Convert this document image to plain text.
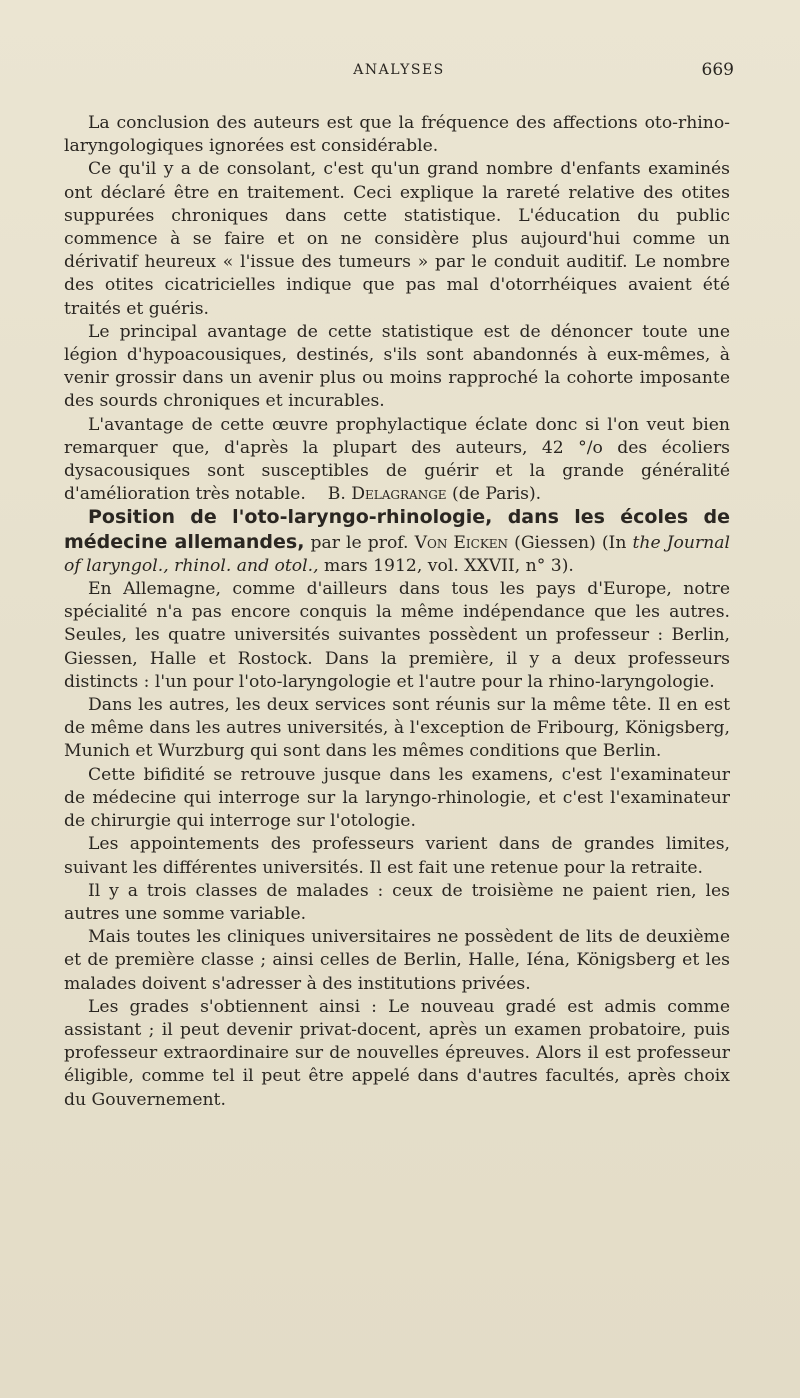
ANALYSES	669

La conclusion des auteurs est que la fréquence des affections oto-rhino-laryngologiques ignorées est considérable.

Ce qu'il y a de consolant, c'est qu'un grand nombre d'enfants examinés ont déclaré être en traitement. Ceci explique la rareté relative des otites suppurées chroniques dans cette statistique. L'éducation du public commence à se faire et on ne considère plus aujourd'hui comme un dérivatif heureux « l'issue des tumeurs » par le conduit auditif. Le nombre des otites cicatricielles indique que pas mal d'otorrhéiques avaient été traités et guéris.

Le principal avantage de cette statistique est de dénoncer toute une légion d'hypoacousiques, destinés, s'ils sont abandonnés à eux-mêmes, à venir grossir dans un avenir plus ou moins rapproché la cohorte imposante des sourds chroniques et incurables.

L'avantage de cette œuvre prophylactique éclate donc si l'on veut bien remarquer que, d'après la plupart des auteurs, 42 °/o des écoliers dysacousiques sont susceptibles de guérir et la grande généralité d'amélioration très notable. B. Delagrange (de Paris).

Position de l'oto-laryngo-rhinologie, dans les écoles de médecine allemandes, par le prof. Von Eicken (Giessen) (In the Journal of laryngol., rhinol. and otol., mars 1912, vol. XXVII, n° 3).

En Allemagne, comme d'ailleurs dans tous les pays d'Europe, notre spécialité n'a pas encore conquis la même indépendance que les autres. Seules, les quatre universités suivantes possèdent un professeur : Berlin, Giessen, Halle et Rostock. Dans la première, il y a deux professeurs distincts : l'un pour l'oto-laryngologie et l'autre pour la rhino-laryngologie.

Dans les autres, les deux services sont réunis sur la même tête. Il en est de même dans les autres universités, à l'exception de Fribourg, Königsberg, Munich et Wurzburg qui sont dans les mêmes conditions que Berlin.

Cette bifidité se retrouve jusque dans les examens, c'est l'examinateur de médecine qui interroge sur la laryngo-rhinologie, et c'est l'examinateur de chirurgie qui interroge sur l'otologie.

Les appointements des professeurs varient dans de grandes limites, suivant les différentes universités. Il est fait une retenue pour la retraite.

Il y a trois classes de malades : ceux de troisième ne paient rien, les autres une somme variable.

Mais toutes les cliniques universitaires ne possèdent de lits de deuxième et de première classe ; ainsi celles de Berlin, Halle, Iéna, Königsberg et les malades doivent s'adresser à des institutions privées.

Les grades s'obtiennent ainsi : Le nouveau gradé est admis comme assistant ; il peut devenir privat-docent, après un examen probatoire, puis professeur extraordinaire sur de nouvelles épreuves. Alors il est professeur éligible, comme tel il peut être appelé dans d'autres facultés, après choix du Gouvernement.
